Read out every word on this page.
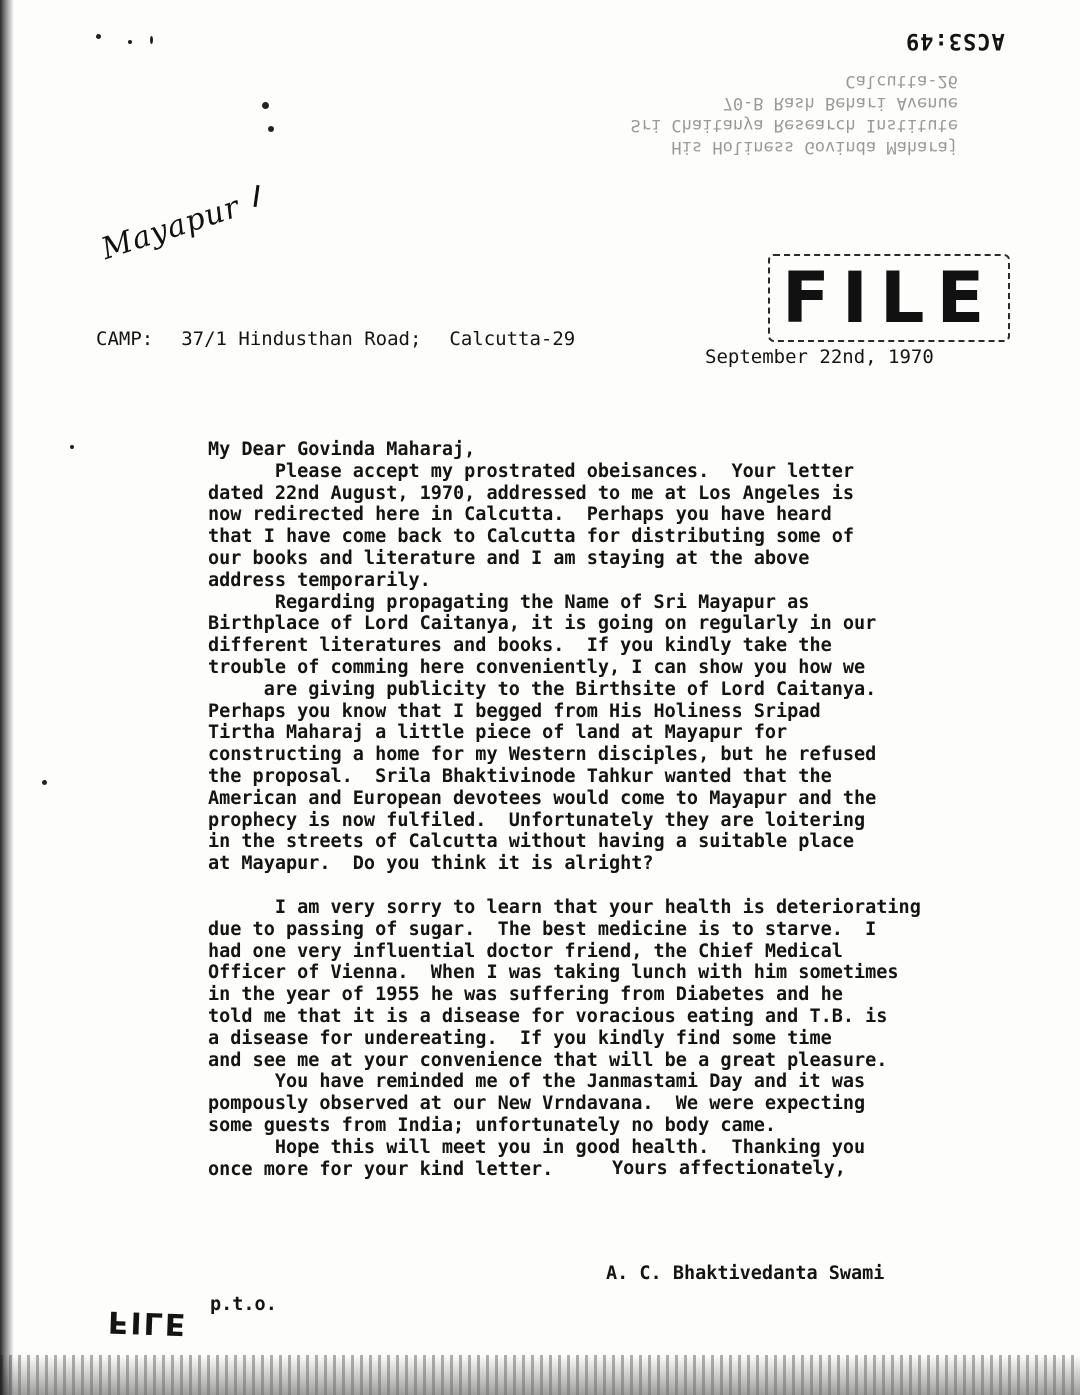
ACS3:49
His Holiness Govinda Maharaj
Sri Chaitanya Research Institute
70-B Rash Behari Avenue
Calcutta-26
Mayapur
FILE
CAMP: 37/1 Hindusthan Road; Calcutta-29
September 22nd, 1970
My Dear Govinda Maharaj,
Please accept my prostrated obeisances.  Your letter
dated 22nd August, 1970, addressed to me at Los Angeles is
now redirected here in Calcutta.  Perhaps you have heard
that I have come back to Calcutta for distributing some of
our books and literature and I am staying at the above
address temporarily.
Regarding propagating the Name of Sri Mayapur as
Birthplace of Lord Caitanya, it is going on regularly in our
different literatures and books.  If you kindly take the
trouble of comming here conveniently, I can show you how we
are giving publicity to the Birthsite of Lord Caitanya.
Perhaps you know that I begged from His Holiness Sripad
Tirtha Maharaj a little piece of land at Mayapur for
constructing a home for my Western disciples, but he refused
the proposal.  Srila Bhaktivinode Tahkur wanted that the
American and European devotees would come to Mayapur and the
prophecy is now fulfiled.  Unfortunately they are loitering
in the streets of Calcutta without having a suitable place
at Mayapur.  Do you think it is alright?
I am very sorry to learn that your health is deteriorating
due to passing of sugar.  The best medicine is to starve.  I
had one very influential doctor friend, the Chief Medical
Officer of Vienna.  When I was taking lunch with him sometimes
in the year of 1955 he was suffering from Diabetes and he
told me that it is a disease for voracious eating and T.B. is
a disease for undereating.  If you kindly find some time
and see me at your convenience that will be a great pleasure.
You have reminded me of the Janmastami Day and it was
pompously observed at our New Vrndavana.  We were expecting
some guests from India; unfortunately no body came.
Hope this will meet you in good health.  Thanking you
once more for your kind letter.	Yours affectionately,
A. C. Bhaktivedanta Swami
p.t.o.
FILE
